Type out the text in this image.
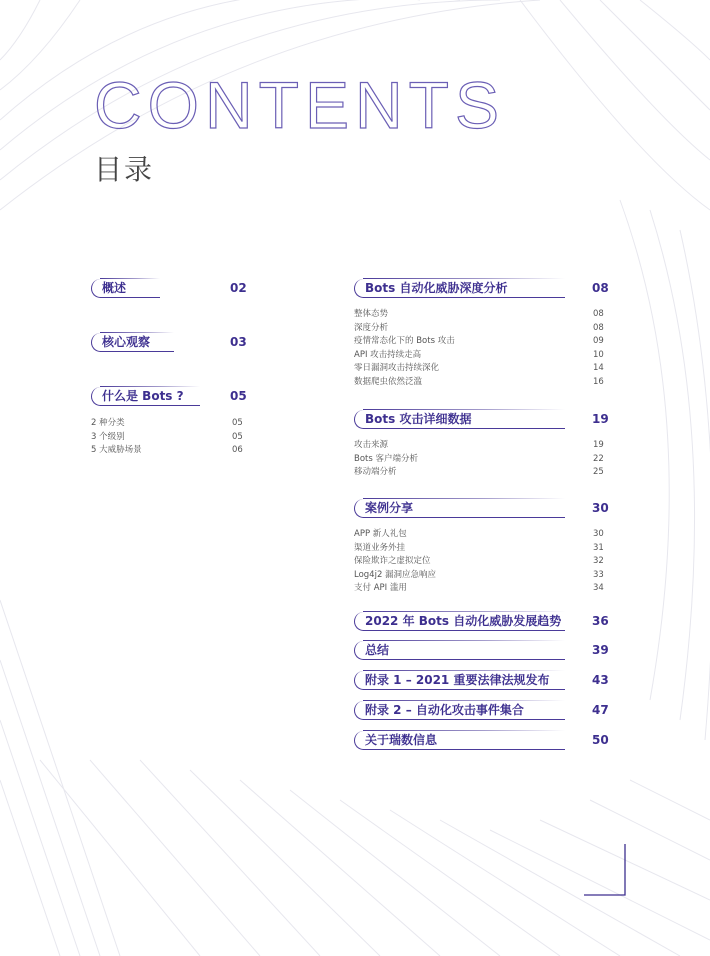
CONTENTS
目录
概述	02
核心观察	03
什么是 Bots ?	05
2 种分类	05
3 个级别	05
5 大威胁场景	06
Bots 自动化威胁深度分析	08
整体态势	08
深度分析	08
疫情常态化下的 Bots 攻击	09
API 攻击持续走高	10
零日漏洞攻击持续深化	14
数据爬虫依然泛滥	16
Bots 攻击详细数据	19
攻击来源	19
Bots 客户端分析	22
移动端分析	25
案例分享	30
APP 新人礼包	30
渠道业务外挂	31
保险欺诈之虚拟定位	32
Log4j2 漏洞应急响应	33
支付 API 滥用	34
2022 年 Bots 自动化威胁发展趋势	36
总结	39
附录 1 – 2021 重要法律法规发布	43
附录 2 – 自动化攻击事件集合	47
关于瑞数信息	50
